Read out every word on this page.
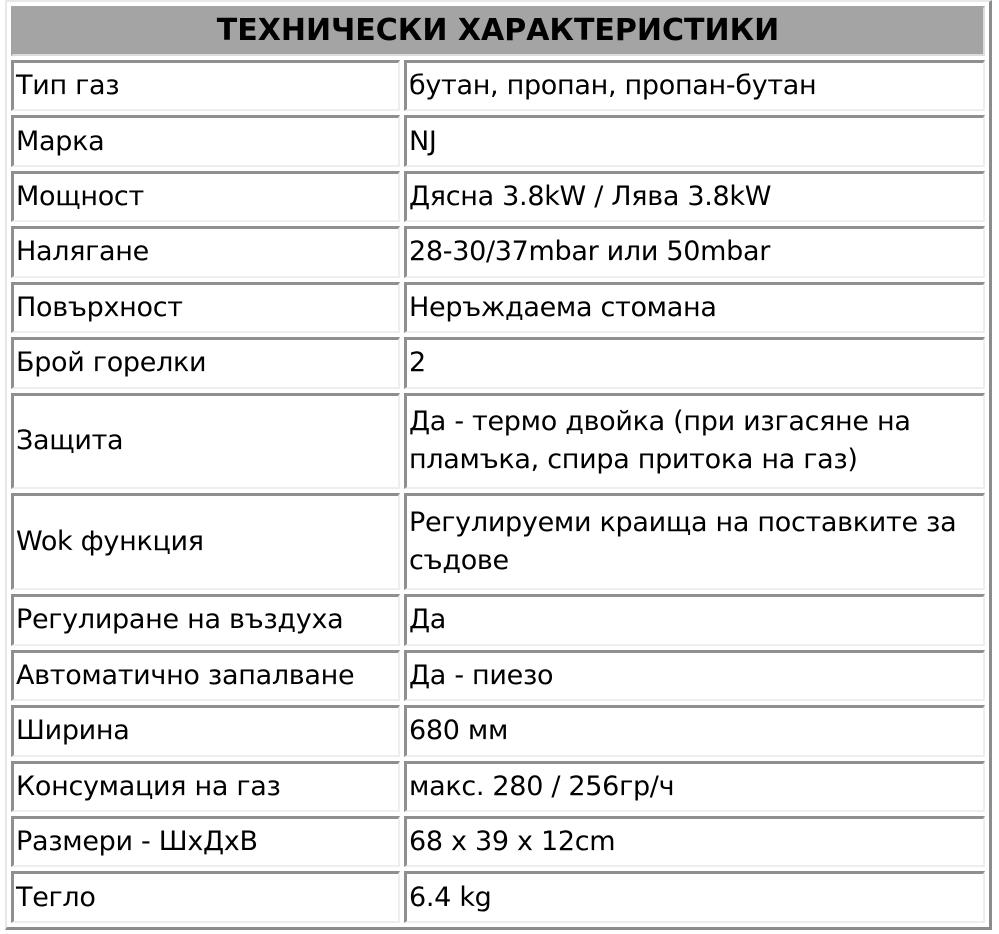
ТЕХНИЧЕСКИ ХАРАКТЕРИСТИКИ	
Тип газ	бутан, пропан, пропан-бутан
Марка	NJ
Мощност	Дясна 3.8kW / Лява 3.8kW
Налягане	28-30/37mbar или 50mbar
Повърхност	Неръждаема стомана
Брой горелки	2
Защита	Да - термо двойка (при изгасяне на пламъка, спира притока на газ)
Wok функция	Регулируеми краища на поставките за съдове
Регулиране на въздуха	Да
Автоматично запалване	Да - пиезо
Ширина	680 мм
Консумация на газ	макс. 280 / 256гр/ч
Размери - ШхДхВ	68 x 39 x 12cm
Тегло	6.4 kg
